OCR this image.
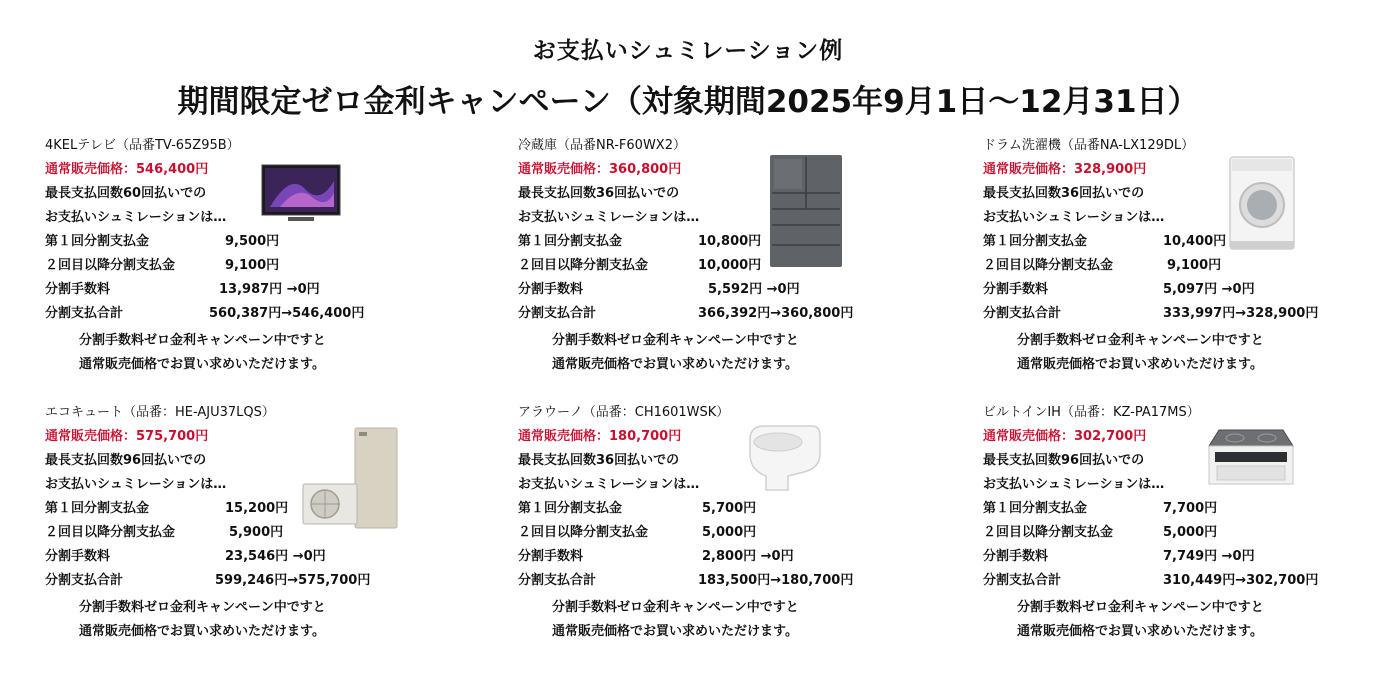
お支払いシュミレーション例
期間限定ゼロ金利キャンペーン（対象期間2025年9月1日～12月31日）
4KELテレビ（品番TV-65Z95B）
通常販売価格：546,400円
最長支払回数60回払いでの
お支払いシュミレーションは…
第１回分割支払金	9,500円
２回目以降分割支払金	9,100円
分割手数料	13,987円 →0円
分割支払合計	560,387円→546,400円
分割手数料ゼロ金利キャンペーン中ですと
通常販売価格でお買い求めいただけます。
冷蔵庫（品番NR-F60WX2）
通常販売価格：360,800円
最長支払回数36回払いでの
お支払いシュミレーションは…
第１回分割支払金	10,800円
２回目以降分割支払金	10,000円
分割手数料	5,592円 →0円
分割支払合計	366,392円→360,800円
分割手数料ゼロ金利キャンペーン中ですと
通常販売価格でお買い求めいただけます。
ドラム洗濯機（品番NA-LX129DL）
通常販売価格：328,900円
最長支払回数36回払いでの
お支払いシュミレーションは…
第１回分割支払金	10,400円
２回目以降分割支払金	9,100円
分割手数料	5,097円 →0円
分割支払合計	333,997円→328,900円
分割手数料ゼロ金利キャンペーン中ですと
通常販売価格でお買い求めいただけます。
エコキュート（品番：HE-AJU37LQS）
通常販売価格：575,700円
最長支払回数96回払いでの
お支払いシュミレーションは…
第１回分割支払金	15,200円
２回目以降分割支払金	5,900円
分割手数料	23,546円 →0円
分割支払合計	599,246円→575,700円
分割手数料ゼロ金利キャンペーン中ですと
通常販売価格でお買い求めいただけます。
アラウーノ（品番：CH1601WSK）
通常販売価格：180,700円
最長支払回数36回払いでの
お支払いシュミレーションは…
第１回分割支払金	5,700円
２回目以降分割支払金	5,000円
分割手数料	2,800円 →0円
分割支払合計	183,500円→180,700円
分割手数料ゼロ金利キャンペーン中ですと
通常販売価格でお買い求めいただけます。
ビルトインIH（品番：KZ-PA17MS）
通常販売価格：302,700円
最長支払回数96回払いでの
お支払いシュミレーションは…
第１回分割支払金	7,700円
２回目以降分割支払金	5,000円
分割手数料	7,749円 →0円
分割支払合計	310,449円→302,700円
分割手数料ゼロ金利キャンペーン中ですと
通常販売価格でお買い求めいただけます。
